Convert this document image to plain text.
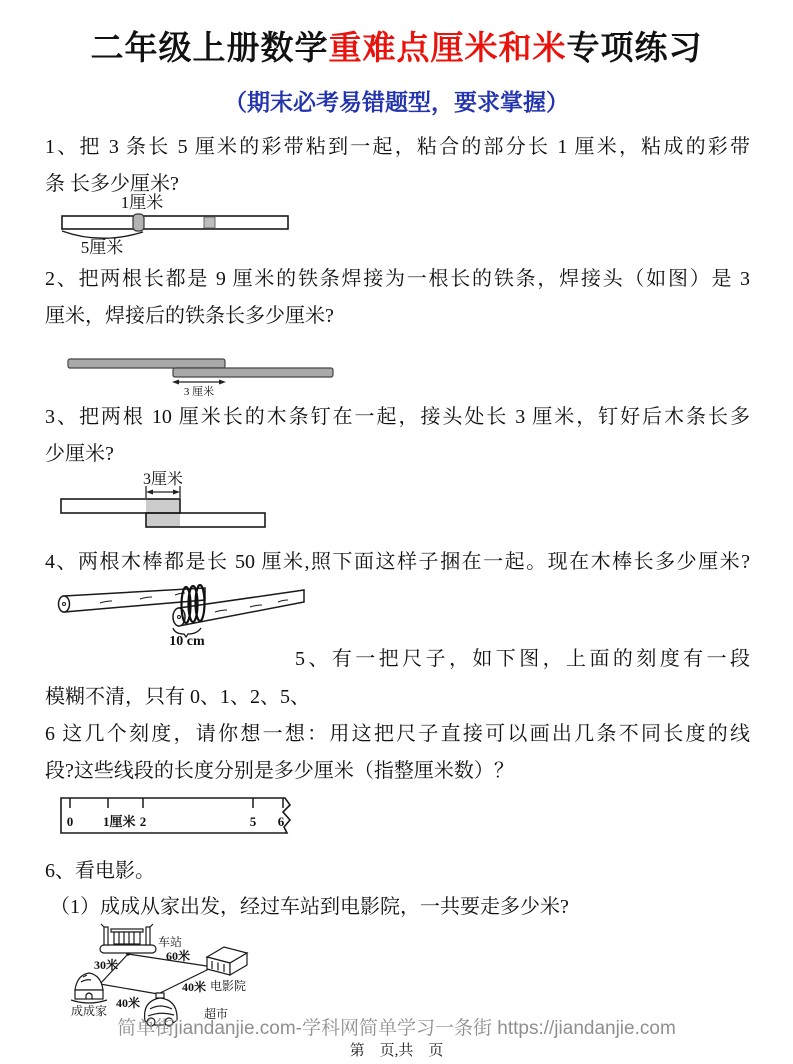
二年级上册数学重难点厘米和米专项练习
（期末必考易错题型，要求掌握）
1、把 3 条长 5 厘米的彩带粘到一起，粘合的部分长 1 厘米，粘成的彩带
条 长多少厘米?
1厘米
5厘米
2、把两根长都是 9 厘米的铁条焊接为一根长的铁条，焊接头（如图）是 3
厘米，焊接后的铁条长多少厘米?
3 厘米
3、把两根 10 厘米长的木条钉在一起，接头处长 3 厘米，钉好后木条长多
少厘米?
3厘米
4、两根木棒都是长 50 厘米,照下面这样子捆在一起。现在木棒长多少厘米?
10 cm
5、有一把尺子，如下图，上面的刻度有一段
模糊不清，只有 0、1、2、5、
6 这几个刻度，请你想一想：用这把尺子直接可以画出几条不同长度的线
段?这些线段的长度分别是多少厘米（指整厘米数）？
0 1厘米 2	5 6
6、看电影。
（1）成成从家出发，经过车站到电影院，一共要走多少米?
车站
成成家
电影院
超市
30米
60米
40米
40米
简单街jiandanjie.com-学科网简单学习一条街 https://jiandanjie.com
第　页,共　页
